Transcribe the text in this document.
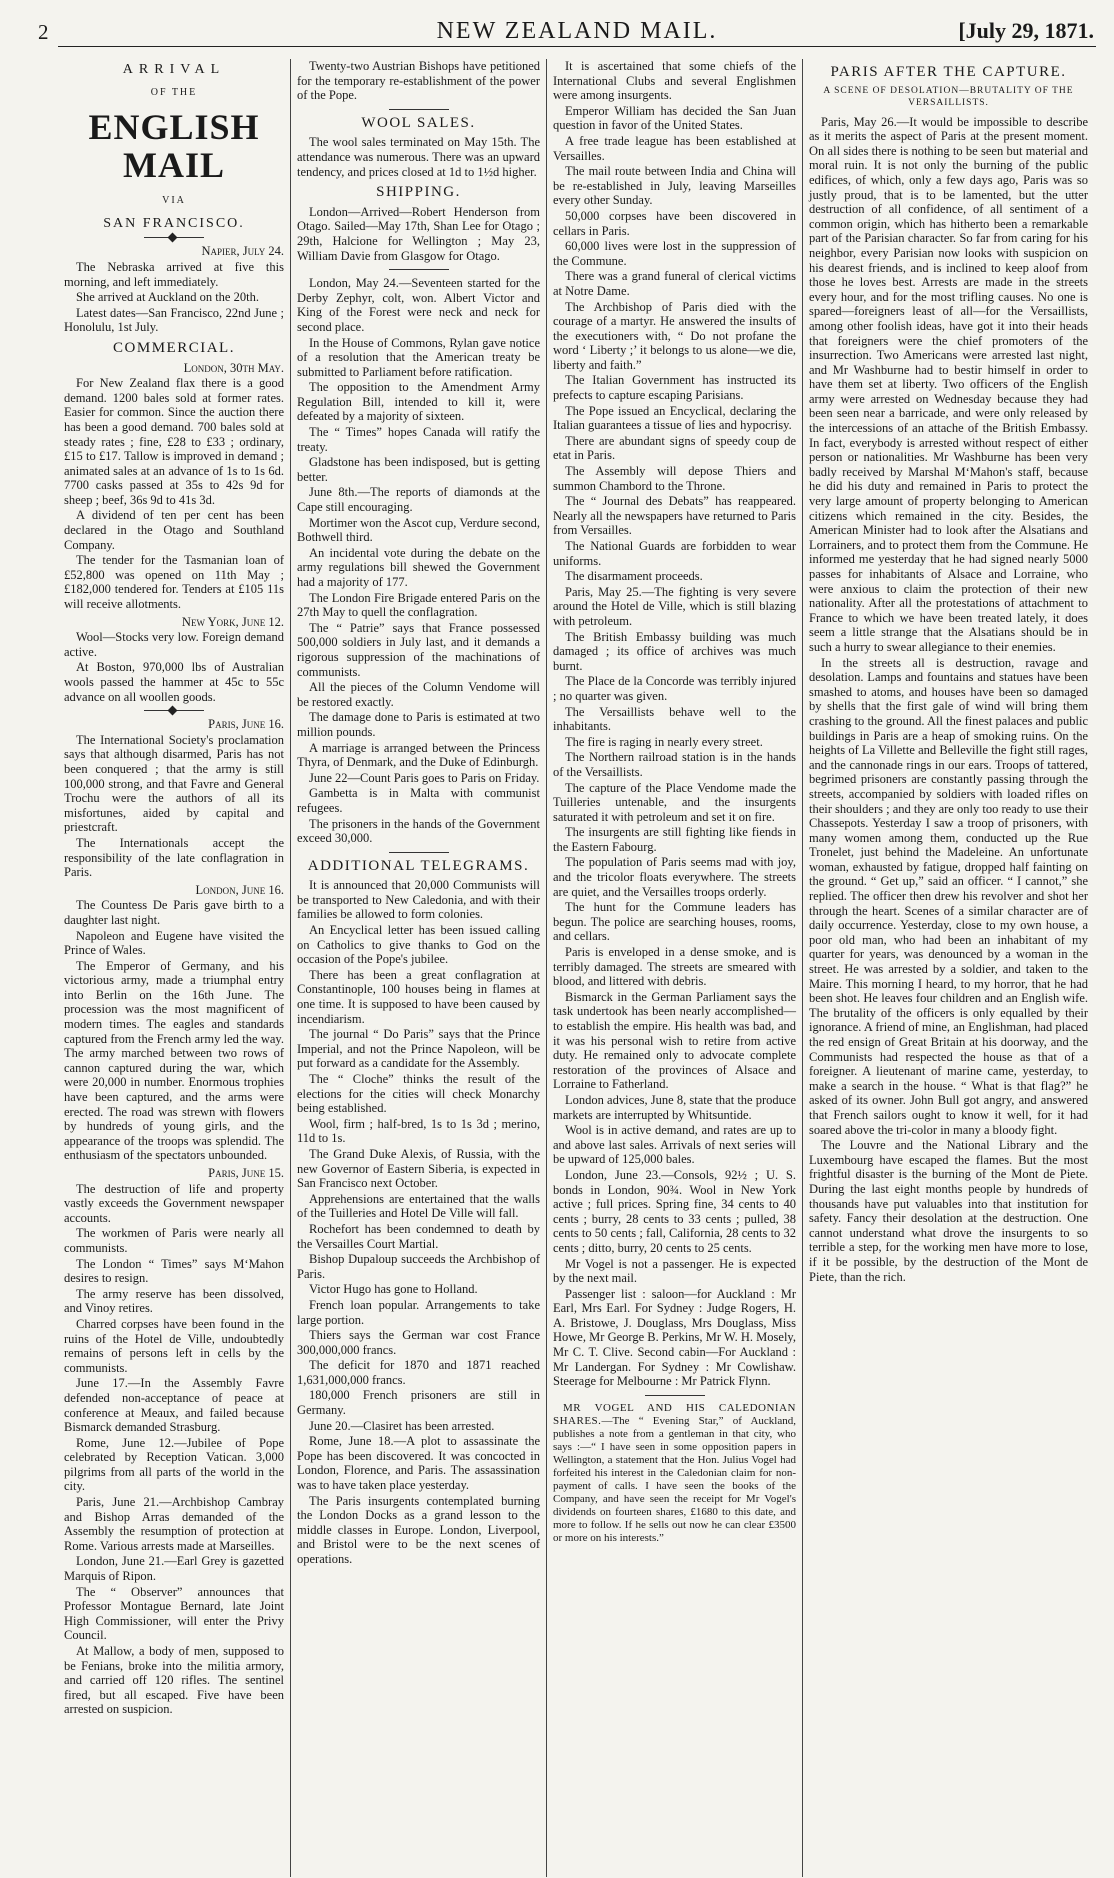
2	NEW ZEALAND MAIL.	[July 29, 1871.
ARRIVAL
OF THE
ENGLISH MAIL
VIA
SAN FRANCISCO.

Napier, July 24.

The Nebraska arrived at five this morning, and left immediately.

She arrived at Auckland on the 20th.

Latest dates—San Francisco, 22nd June ; Honolulu, 1st July.

COMMERCIAL.

London, 30th May.

For New Zealand flax there is a good demand. 1200 bales sold at former rates. Easier for common. Since the auction there has been a good demand. 700 bales sold at steady rates ; fine, £28 to £33 ; ordinary, £15 to £17. Tallow is improved in demand ; animated sales at an advance of 1s to 1s 6d. 7700 casks passed at 35s to 42s 9d for sheep ; beef, 36s 9d to 41s 3d.

A dividend of ten per cent has been declared in the Otago and Southland Company.

The tender for the Tasmanian loan of £52,800 was opened on 11th May ; £182,000 tendered for. Tenders at £105 11s will receive allotments.

New York, June 12.

Wool—Stocks very low. Foreign demand active.

At Boston, 970,000 lbs of Australian wools passed the hammer at 45c to 55c advance on all woollen goods.

Paris, June 16.

The International Society's proclamation says that although disarmed, Paris has not been conquered ; that the army is still 100,000 strong, and that Favre and General Trochu were the authors of all its misfortunes, aided by capital and priestcraft.

The Internationals accept the responsibility of the late conflagration in Paris.

London, June 16.

The Countess De Paris gave birth to a daughter last night.

Napoleon and Eugene have visited the Prince of Wales.

The Emperor of Germany, and his victorious army, made a triumphal entry into Berlin on the 16th June. The procession was the most magnificent of modern times. The eagles and standards captured from the French army led the way. The army marched between two rows of cannon captured during the war, which were 20,000 in number. Enormous trophies have been captured, and the arms were erected. The road was strewn with flowers by hundreds of young girls, and the appearance of the troops was splendid. The enthusiasm of the spectators unbounded.

Paris, June 15.

The destruction of life and property vastly exceeds the Government newspaper accounts.

The workmen of Paris were nearly all communists.

The London “ Times” says M‘Mahon desires to resign.

The army reserve has been dissolved, and Vinoy retires.

Charred corpses have been found in the ruins of the Hotel de Ville, undoubtedly remains of persons left in cells by the communists.

June 17.—In the Assembly Favre defended non-acceptance of peace at conference at Meaux, and failed because Bismarck demanded Strasburg.

Rome, June 12.—Jubilee of Pope celebrated by Reception Vatican. 3,000 pilgrims from all parts of the world in the city.

Paris, June 21.—Archbishop Cambray and Bishop Arras demanded of the Assembly the resumption of protection at Rome. Various arrests made at Marseilles.

London, June 21.—Earl Grey is gazetted Marquis of Ripon.

The “ Observer” announces that Professor Montague Bernard, late Joint High Commissioner, will enter the Privy Council.

At Mallow, a body of men, supposed to be Fenians, broke into the militia armory, and carried off 120 rifles. The sentinel fired, but all escaped. Five have been arrested on suspicion.

Twenty-two Austrian Bishops have petitioned for the temporary re-establishment of the power of the Pope.

WOOL SALES.

The wool sales terminated on May 15th. The attendance was numerous. There was an upward tendency, and prices closed at 1d to 1½d higher.

SHIPPING.

London—Arrived—Robert Henderson from Otago. Sailed—May 17th, Shan Lee for Otago ; 29th, Halcione for Wellington ; May 23, William Davie from Glasgow for Otago.

London, May 24.—Seventeen started for the Derby Zephyr, colt, won. Albert Victor and King of the Forest were neck and neck for second place.

In the House of Commons, Rylan gave notice of a resolution that the American treaty be submitted to Parliament before ratification.

The opposition to the Amendment Army Regulation Bill, intended to kill it, were defeated by a majority of sixteen.

The “ Times” hopes Canada will ratify the treaty.

Gladstone has been indisposed, but is getting better.

June 8th.—The reports of diamonds at the Cape still encouraging.

Mortimer won the Ascot cup, Verdure second, Bothwell third.

An incidental vote during the debate on the army regulations bill shewed the Government had a majority of 177.

The London Fire Brigade entered Paris on the 27th May to quell the conflagration.

The “ Patrie” says that France possessed 500,000 soldiers in July last, and it demands a rigorous suppression of the machinations of communists.

All the pieces of the Column Vendome will be restored exactly.

The damage done to Paris is estimated at two million pounds.

A marriage is arranged between the Princess Thyra, of Denmark, and the Duke of Edinburgh.

June 22—Count Paris goes to Paris on Friday.

Gambetta is in Malta with communist refugees.

The prisoners in the hands of the Government exceed 30,000.

ADDITIONAL TELEGRAMS.

It is announced that 20,000 Communists will be transported to New Caledonia, and with their families be allowed to form colonies.

An Encyclical letter has been issued calling on Catholics to give thanks to God on the occasion of the Pope's jubilee.

There has been a great conflagration at Constantinople, 100 houses being in flames at one time. It is supposed to have been caused by incendiarism.

The journal “ Do Paris” says that the Prince Imperial, and not the Prince Napoleon, will be put forward as a candidate for the Assembly.

The “ Cloche” thinks the result of the elections for the cities will check Monarchy being established.

Wool, firm ; half-bred, 1s to 1s 3d ; merino, 11d to 1s.

The Grand Duke Alexis, of Russia, with the new Governor of Eastern Siberia, is expected in San Francisco next October.

Apprehensions are entertained that the walls of the Tuilleries and Hotel De Ville will fall.

Rochefort has been condemned to death by the Versailles Court Martial.

Bishop Dupaloup succeeds the Archbishop of Paris.

Victor Hugo has gone to Holland.

French loan popular. Arrangements to take large portion.

Thiers says the German war cost France 300,000,000 francs.

The deficit for 1870 and 1871 reached 1,631,000,000 francs.

180,000 French prisoners are still in Germany.

June 20.—Clasiret has been arrested.

Rome, June 18.—A plot to assassinate the Pope has been discovered. It was concocted in London, Florence, and Paris. The assassination was to have taken place yesterday.

The Paris insurgents contemplated burning the London Docks as a grand lesson to the middle classes in Europe. London, Liverpool, and Bristol were to be the next scenes of operations.

It is ascertained that some chiefs of the International Clubs and several Englishmen were among insurgents.

Emperor William has decided the San Juan question in favor of the United States.

A free trade league has been established at Versailles.

The mail route between India and China will be re-established in July, leaving Marseilles every other Sunday.

50,000 corpses have been discovered in cellars in Paris.

60,000 lives were lost in the suppression of the Commune.

There was a grand funeral of clerical victims at Notre Dame.

The Archbishop of Paris died with the courage of a martyr. He answered the insults of the executioners with, “ Do not profane the word ‘ Liberty ;’ it belongs to us alone—we die, liberty and faith.”

The Italian Government has instructed its prefects to capture escaping Parisians.

The Pope issued an Encyclical, declaring the Italian guarantees a tissue of lies and hypocrisy.

There are abundant signs of speedy coup de etat in Paris.

The Assembly will depose Thiers and summon Chambord to the Throne.

The “ Journal des Debats” has reappeared. Nearly all the newspapers have returned to Paris from Versailles.

The National Guards are forbidden to wear uniforms.

The disarmament proceeds.

Paris, May 25.—The fighting is very severe around the Hotel de Ville, which is still blazing with petroleum.

The British Embassy building was much damaged ; its office of archives was much burnt.

The Place de la Concorde was terribly injured ; no quarter was given.

The Versaillists behave well to the inhabitants.

The fire is raging in nearly every street.

The Northern railroad station is in the hands of the Versaillists.

The capture of the Place Vendome made the Tuilleries untenable, and the insurgents saturated it with petroleum and set it on fire.

The insurgents are still fighting like fiends in the Eastern Fabourg.

The population of Paris seems mad with joy, and the tricolor floats everywhere. The streets are quiet, and the Versailles troops orderly.

The hunt for the Commune leaders has begun. The police are searching houses, rooms, and cellars.

Paris is enveloped in a dense smoke, and is terribly damaged. The streets are smeared with blood, and littered with debris.

Bismarck in the German Parliament says the task undertook has been nearly accomplished—to establish the empire. His health was bad, and it was his personal wish to retire from active duty. He remained only to advocate complete restoration of the provinces of Alsace and Lorraine to Fatherland.

London advices, June 8, state that the produce markets are interrupted by Whitsuntide.

Wool is in active demand, and rates are up to and above last sales. Arrivals of next series will be upward of 125,000 bales.

London, June 23.—Consols, 92½ ; U. S. bonds in London, 90¾. Wool in New York active ; full prices. Spring fine, 34 cents to 40 cents ; burry, 28 cents to 33 cents ; pulled, 38 cents to 50 cents ; fall, California, 28 cents to 32 cents ; ditto, burry, 20 cents to 25 cents.

Mr Vogel is not a passenger. He is expected by the next mail.

Passenger list : saloon—for Auckland : Mr Earl, Mrs Earl. For Sydney : Judge Rogers, H. A. Bristowe, J. Douglass, Mrs Douglass, Miss Howe, Mr George B. Perkins, Mr W. H. Mosely, Mr C. T. Clive. Second cabin—For Auckland : Mr Landergan. For Sydney : Mr Cowlishaw. Steerage for Melbourne : Mr Patrick Flynn.

MR VOGEL AND HIS CALEDONIAN SHARES.—The “ Evening Star,” of Auckland, publishes a note from a gentleman in that city, who says :—“ I have seen in some opposition papers in Wellington, a statement that the Hon. Julius Vogel had forfeited his interest in the Caledonian claim for non-payment of calls. I have seen the books of the Company, and have seen the receipt for Mr Vogel's dividends on fourteen shares, £1680 to this date, and more to follow. If he sells out now he can clear £3500 or more on his interests.”

PARIS AFTER THE CAPTURE.
A SCENE OF DESOLATION—BRUTALITY OF THE VERSAILLISTS.

Paris, May 26.—It would be impossible to describe as it merits the aspect of Paris at the present moment. On all sides there is nothing to be seen but material and moral ruin. It is not only the burning of the public edifices, of which, only a few days ago, Paris was so justly proud, that is to be lamented, but the utter destruction of all confidence, of all sentiment of a common origin, which has hitherto been a remarkable part of the Parisian character. So far from caring for his neighbor, every Parisian now looks with suspicion on his dearest friends, and is inclined to keep aloof from those he loves best. Arrests are made in the streets every hour, and for the most trifling causes. No one is spared—foreigners least of all—for the Versaillists, among other foolish ideas, have got it into their heads that foreigners were the chief promoters of the insurrection. Two Americans were arrested last night, and Mr Washburne had to bestir himself in order to have them set at liberty. Two officers of the English army were arrested on Wednesday because they had been seen near a barricade, and were only released by the intercessions of an attache of the British Embassy. In fact, everybody is arrested without respect of either person or nationalities. Mr Washburne has been very badly received by Marshal M‘Mahon's staff, because he did his duty and remained in Paris to protect the very large amount of property belonging to American citizens which remained in the city. Besides, the American Minister had to look after the Alsatians and Lorrainers, and to protect them from the Commune. He informed me yesterday that he had signed nearly 5000 passes for inhabitants of Alsace and Lorraine, who were anxious to claim the protection of their new nationality. After all the protestations of attachment to France to which we have been treated lately, it does seem a little strange that the Alsatians should be in such a hurry to swear allegiance to their enemies.

In the streets all is destruction, ravage and desolation. Lamps and fountains and statues have been smashed to atoms, and houses have been so damaged by shells that the first gale of wind will bring them crashing to the ground. All the finest palaces and public buildings in Paris are a heap of smoking ruins. On the heights of La Villette and Belleville the fight still rages, and the cannonade rings in our ears. Troops of tattered, begrimed prisoners are constantly passing through the streets, accompanied by soldiers with loaded rifles on their shoulders ; and they are only too ready to use their Chassepots. Yesterday I saw a troop of prisoners, with many women among them, conducted up the Rue Tronelet, just behind the Madeleine. An unfortunate woman, exhausted by fatigue, dropped half fainting on the ground. “ Get up,” said an officer. “ I cannot,” she replied. The officer then drew his revolver and shot her through the heart. Scenes of a similar character are of daily occurrence. Yesterday, close to my own house, a poor old man, who had been an inhabitant of my quarter for years, was denounced by a woman in the street. He was arrested by a soldier, and taken to the Maire. This morning I heard, to my horror, that he had been shot. He leaves four children and an English wife. The brutality of the officers is only equalled by their ignorance. A friend of mine, an Englishman, had placed the red ensign of Great Britain at his doorway, and the Communists had respected the house as that of a foreigner. A lieutenant of marine came, yesterday, to make a search in the house. “ What is that flag?” he asked of its owner. John Bull got angry, and answered that French sailors ought to know it well, for it had soared above the tri-color in many a bloody fight.

The Louvre and the National Library and the Luxembourg have escaped the flames. But the most frightful disaster is the burning of the Mont de Piete. During the last eight months people by hundreds of thousands have put valuables into that institution for safety. Fancy their desolation at the destruction. One cannot understand what drove the insurgents to so terrible a step, for the working men have more to lose, if it be possible, by the destruction of the Mont de Piete, than the rich.
